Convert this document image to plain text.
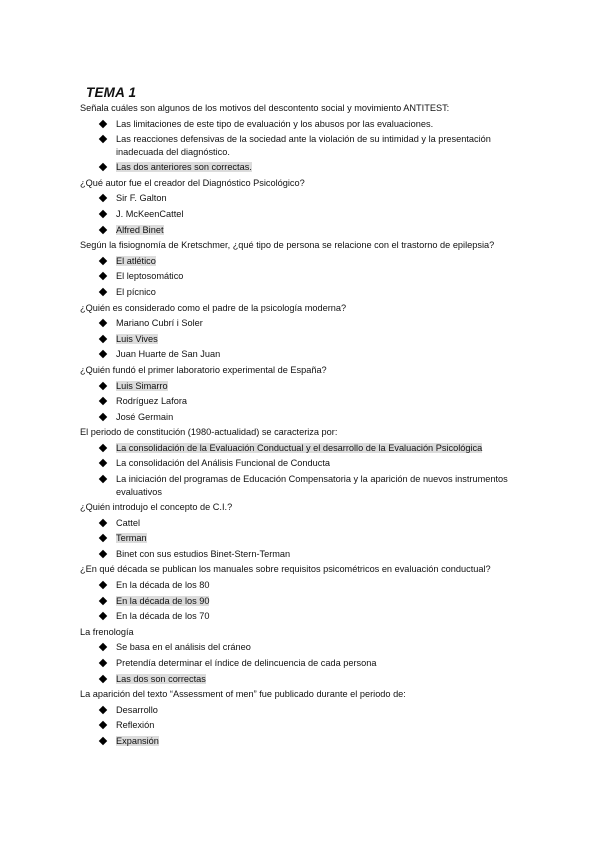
TEMA 1

Señala cuáles son algunos de los motivos del descontento social y movimiento ANTITEST:

Las limitaciones de este tipo de evaluación y los abusos por las evaluaciones.
Las reacciones defensivas de la sociedad ante la violación de su intimidad y la presentación inadecuada del diagnóstico.
Las dos anteriores son correctas.

¿Qué autor fue el creador del Diagnóstico Psicológico?

Sir F. Galton
J. McKeenCattel
Alfred Binet

Según la fisiognomía de Kretschmer, ¿qué tipo de persona se relacione con el trastorno de epilepsia?

El atlético
El leptosomático
El pícnico

¿Quién es considerado como el padre de la psicología moderna?

Mariano Cubrí i Soler
Luis Vives
Juan Huarte de San Juan

¿Quién fundó el primer laboratorio experimental de España?

Luis Simarro
Rodríguez Lafora
José Germain

El periodo de constitución (1980-actualidad) se caracteriza por:

La consolidación de la Evaluación Conductual y el desarrollo de la Evaluación Psicológica
La consolidación del Análisis Funcional de Conducta
La iniciación del programas de Educación Compensatoria y la aparición de nuevos instrumentos evaluativos

¿Quién introdujo el concepto de C.I.?

Cattel
Terman
Binet con sus estudios Binet-Stern-Terman

¿En qué década se publican los manuales sobre requisitos psicométricos en evaluación conductual?

En la década de los 80
En la década de los 90
En la década de los 70

La frenología

Se basa en el análisis del cráneo
Pretendía determinar el índice de delincuencia de cada persona
Las dos son correctas

La aparición del texto “Assessment of men” fue publicado durante el periodo de:

Desarrollo
Reflexión
Expansión
